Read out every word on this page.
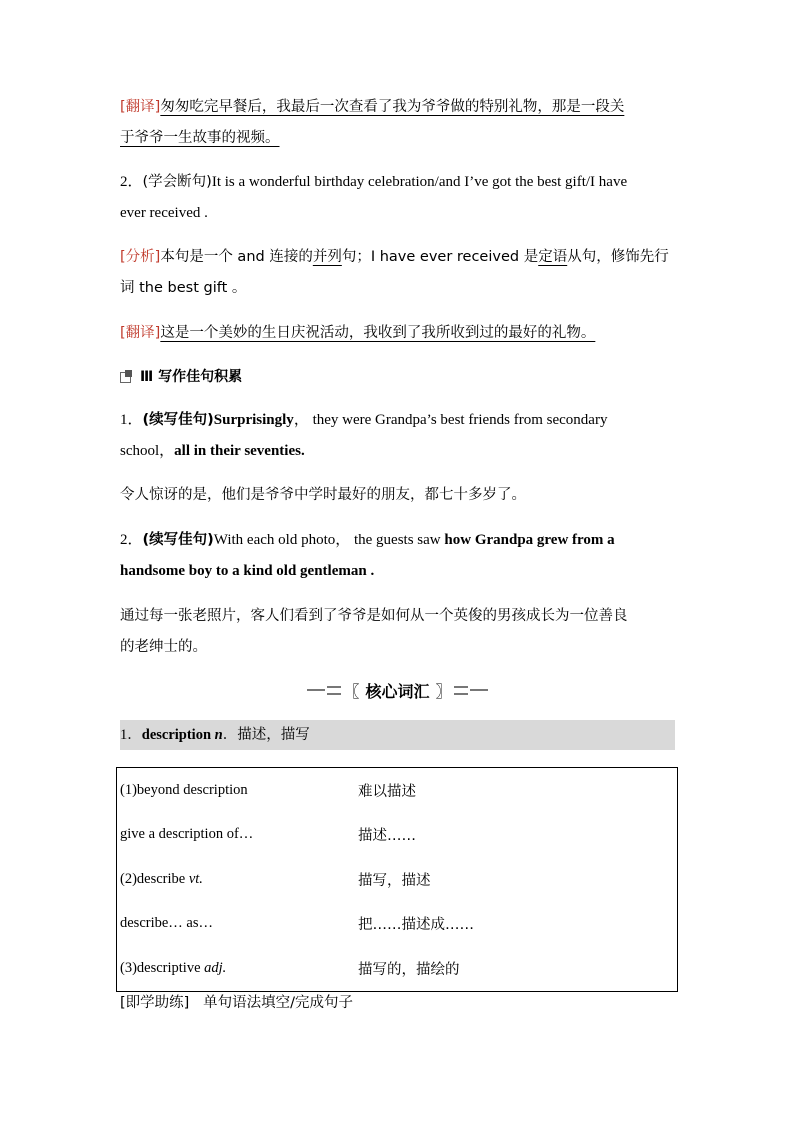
[翻译]匆匆吃完早餐后，我最后一次查看了我为爷爷做的特别礼物，那是一段关
于爷爷一生故事的视频。
2．(学会断句)It is a wonderful birthday celebration/and I’ve got the best gift/I have
ever received .
[分析]本句是一个 and 连接的并列句；I have ever received 是定语从句，修饰先行
词 the best gift 。
[翻译]这是一个美妙的生日庆祝活动，我收到了我所收到过的最好的礼物。
Ⅲ 写作佳句积累
1．(续写佳句)Surprisingly， they were Grandpa’s best friends from secondary
school，all in their seventies.
令人惊讶的是，他们是爷爷中学时最好的朋友，都七十多岁了。
2．(续写佳句)With each old photo， the guests saw how Grandpa grew from a
handsome boy to a kind old gentleman .
通过每一张老照片，客人们看到了爷爷是如何从一个英俊的男孩成长为一位善良
的老绅士的。
〖 核心词汇 〗
1．description n．描述，描写
(1)beyond description	难以描述
give a description of…	描述……
(2)describe vt.	描写，描述
describe… as…	把……描述成……
(3)descriptive adj.	描写的，描绘的
[即学助练] 单句语法填空/完成句子
